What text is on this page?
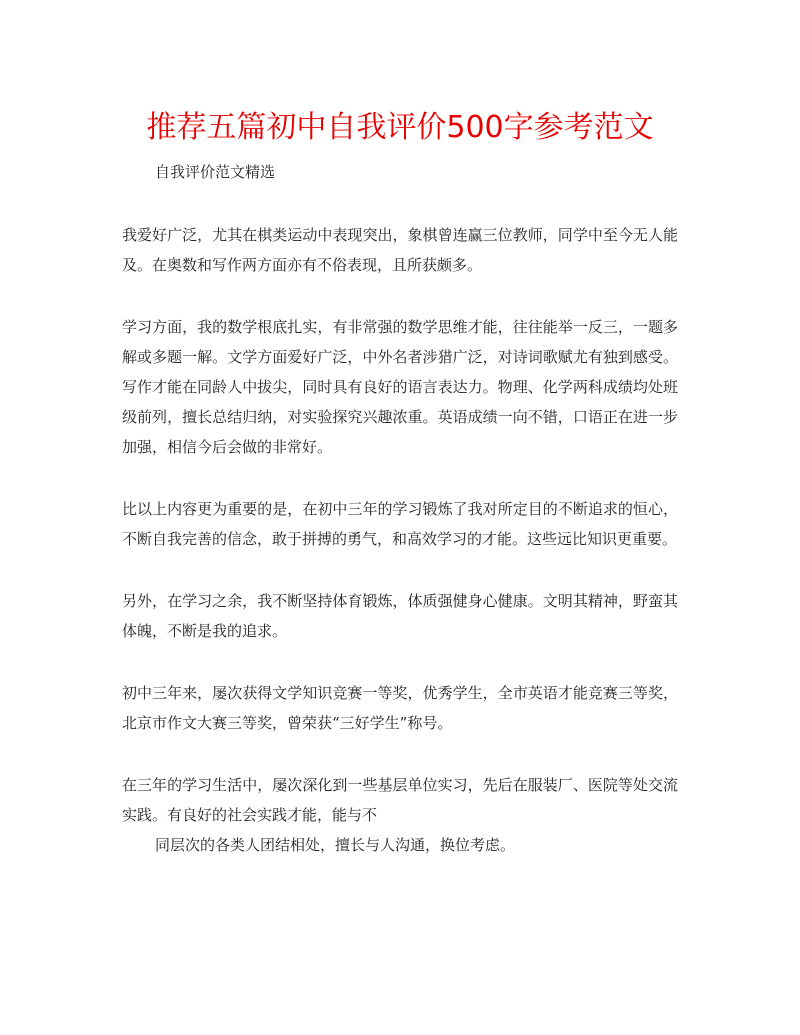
推荐五篇初中自我评价500字参考范文

自我评价范文精选

我爱好广泛，尤其在棋类运动中表现突出，象棋曾连赢三位教师，同学中至今无人能及。在奥数和写作两方面亦有不俗表现，且所获颇多。

学习方面，我的数学根底扎实，有非常强的数学思维才能，往往能举一反三，一题多解或多题一解。文学方面爱好广泛，中外名者涉猎广泛，对诗词歌赋尤有独到感受。写作才能在同龄人中拔尖，同时具有良好的语言表达力。物理、化学两科成绩均处班级前列，擅长总结归纳，对实验探究兴趣浓重。英语成绩一向不错，口语正在进一步加强，相信今后会做的非常好。

比以上内容更为重要的是，在初中三年的学习锻炼了我对所定目的不断追求的恒心，不断自我完善的信念，敢于拼搏的勇气，和高效学习的才能。这些远比知识更重要。

另外，在学习之余，我不断坚持体育锻炼，体质强健身心健康。文明其精神，野蛮其体魄，不断是我的追求。

初中三年来，屡次获得文学知识竞赛一等奖，优秀学生，全市英语才能竞赛三等奖，北京市作文大赛三等奖，曾荣获“三好学生”称号。

在三年的学习生活中，屡次深化到一些基层单位实习，先后在服装厂、医院等处交流实践。有良好的社会实践才能，能与不

同层次的各类人团结相处，擅长与人沟通，换位考虑。
